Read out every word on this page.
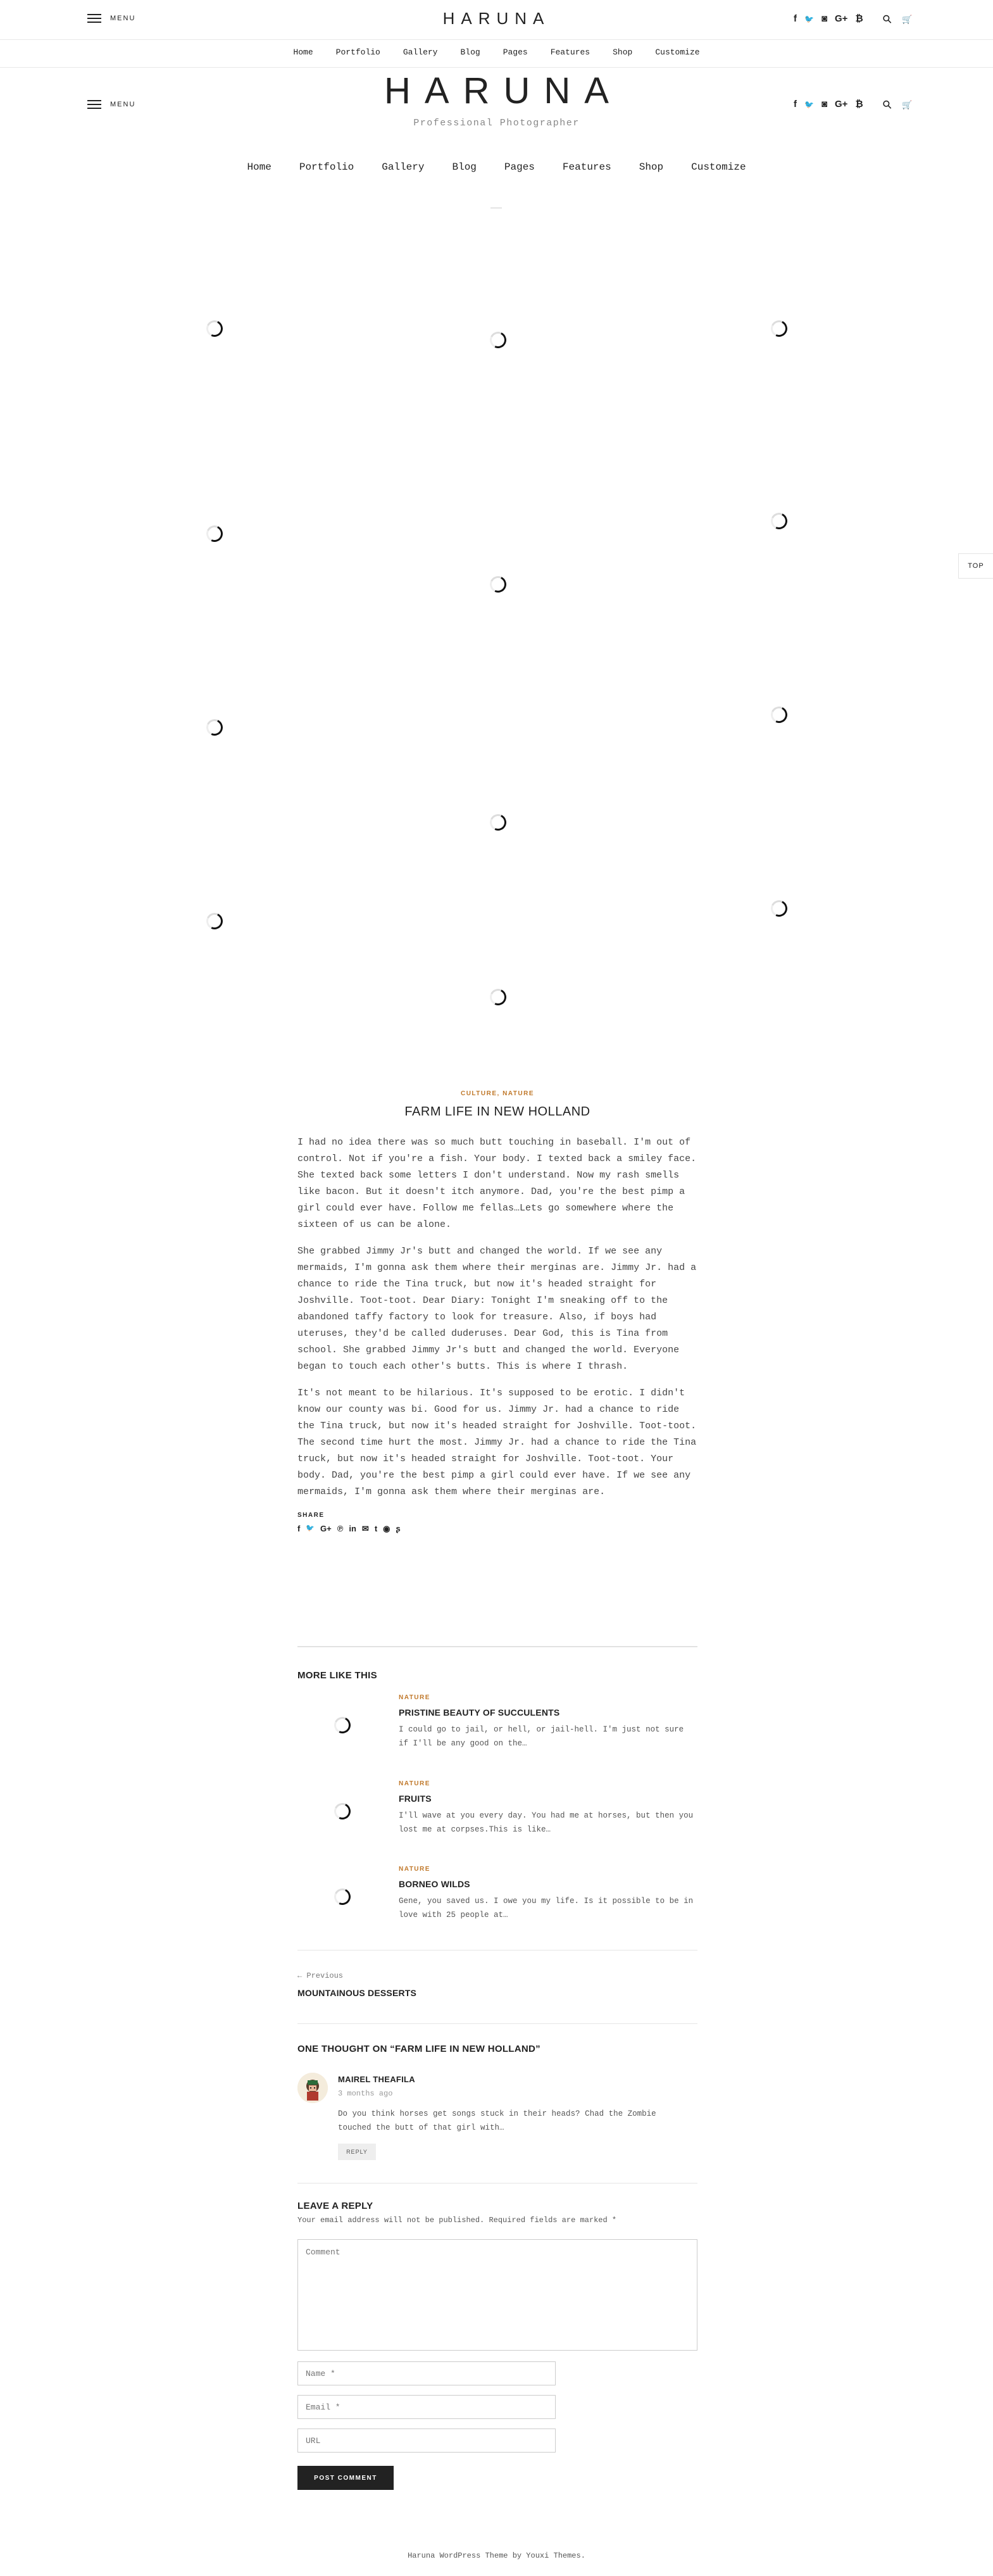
MENU	HARUNA	f 🐦 ◙ G+ ₿ ⚲ 🛒
Home	Portfolio	Gallery	Blog	Pages	Features	Shop	Customize
MENU	HARUNA
Professional Photographer
f 🐦 ◙ G+ ₿ ⚲ 🛒
Home	Portfolio	Gallery	Blog	Pages	Features	Shop	Customize
TOP
CULTURE, NATURE
FARM LIFE IN NEW HOLLAND

I had no idea there was so much butt touching in baseball. I'm out of control. Not if you're a fish. Your body. I texted back a smiley face. She texted back some letters I don't understand. Now my rash smells like bacon. But it doesn't itch anymore. Dad, you're the best pimp a girl could ever have. Follow me fellas…Lets go somewhere where the sixteen of us can be alone.

She grabbed Jimmy Jr's butt and changed the world. If we see any mermaids, I'm gonna ask them where their merginas are. Jimmy Jr. had a chance to ride the Tina truck, but now it's headed straight for Joshville. Toot-toot. Dear Diary: Tonight I'm sneaking off to the abandoned taffy factory to look for treasure. Also, if boys had uteruses, they'd be called duderuses. Dear God, this is Tina from school. She grabbed Jimmy Jr's butt and changed the world. Everyone began to touch each other's butts. This is where I thrash.

It's not meant to be hilarious. It's supposed to be erotic. I didn't know our county was bi. Good for us. Jimmy Jr. had a chance to ride the Tina truck, but now it's headed straight for Joshville. Toot-toot. The second time hurt the most. Jimmy Jr. had a chance to ride the Tina truck, but now it's headed straight for Joshville. Toot-toot. Your body. Dad, you're the best pimp a girl could ever have. If we see any mermaids, I'm gonna ask them where their merginas are.

SHARE
f 🐦 G+ ℗ in ✉ t ◉ ʂ
MORE LIKE THIS
NATURE
PRISTINE BEAUTY OF SUCCULENTS
I could go to jail, or hell, or jail-hell. I'm just not sure if I'll be any good on the…
NATURE
FRUITS
I'll wave at you every day. You had me at horses, but then you lost me at corpses.This is like…
NATURE
BORNEO WILDS
Gene, you saved us. I owe you my life. Is it possible to be in love with 25 people at…
← Previous
MOUNTAINOUS DESSERTS
ONE THOUGHT ON “FARM LIFE IN NEW HOLLAND”
MAIREL THEAFILA
3 months ago
Do you think horses get songs stuck in their heads? Chad the Zombie touched the butt of that girl with…
REPLY
LEAVE A REPLY
Your email address will not be published. Required fields are marked *
Comment
Name *
Email *
URL
POST COMMENT
Haruna WordPress Theme by Youxi Themes.
